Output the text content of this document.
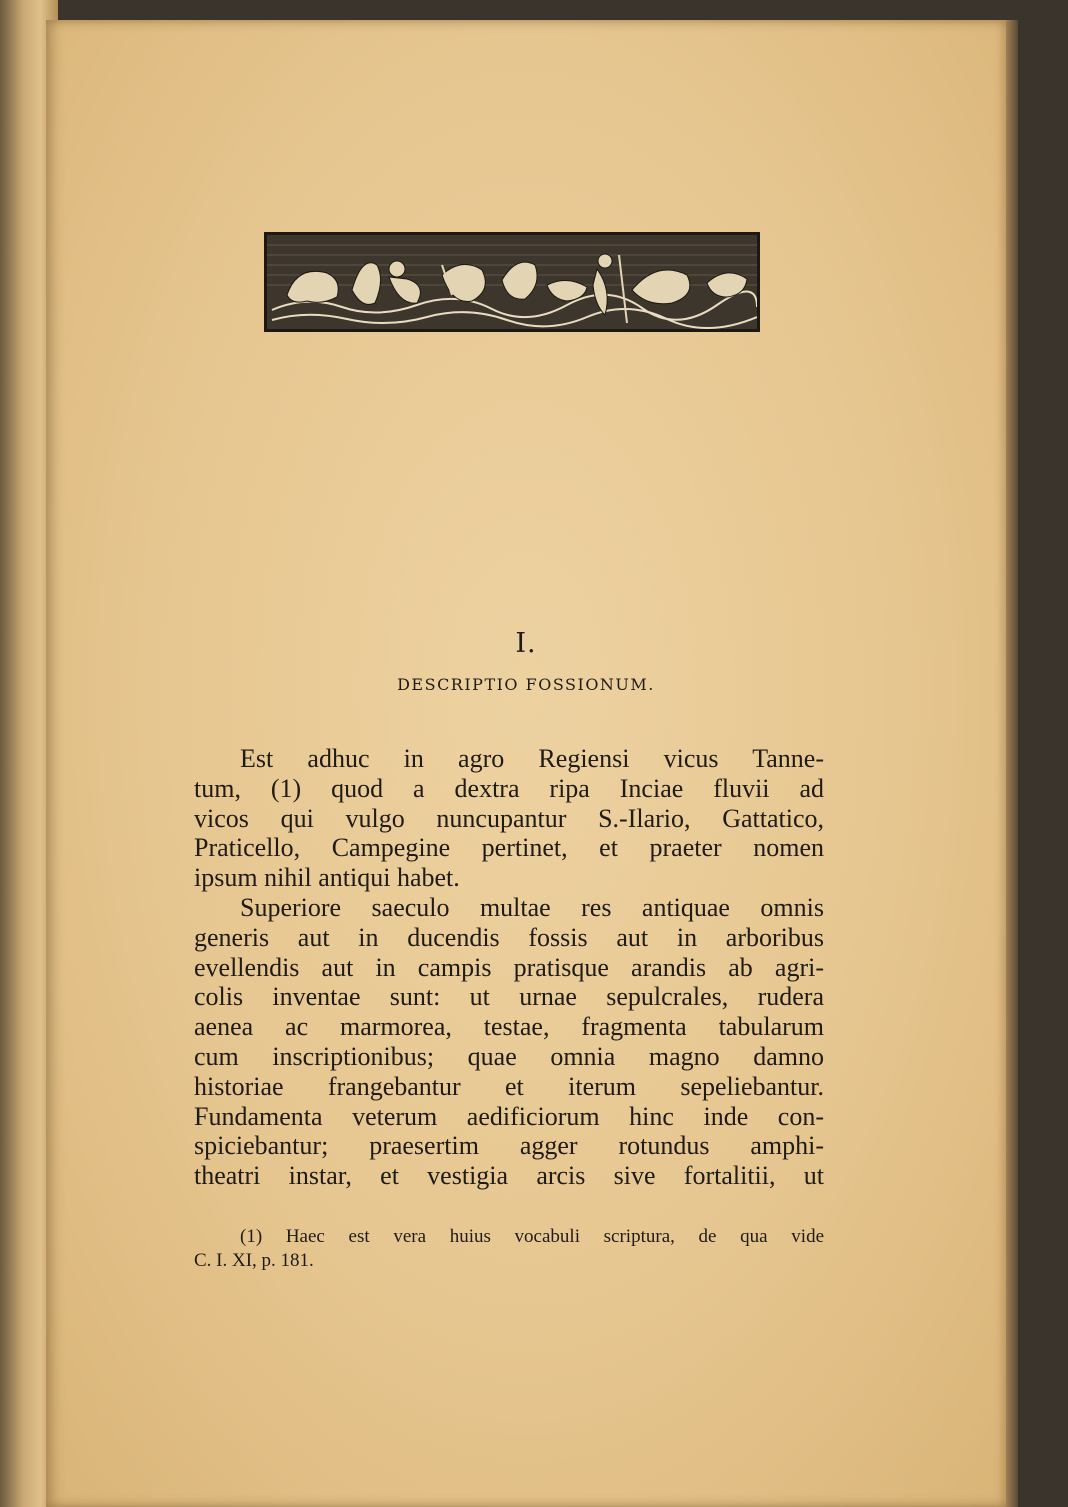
I.
DESCRIPTIO FOSSIONUM.
Est adhuc in agro Regiensi vicus Tanne-
tum, (1) quod a dextra ripa Inciae fluvii ad
vicos qui vulgo nuncupantur S.-Ilario, Gattatico,
Praticello, Campegine pertinet, et praeter nomen
ipsum nihil antiqui habet.
Superiore saeculo multae res antiquae omnis
generis aut in ducendis fossis aut in arboribus
evellendis aut in campis pratisque arandis ab agri-
colis inventae sunt: ut urnae sepulcrales, rudera
aenea ac marmorea, testae, fragmenta tabularum
cum inscriptionibus; quae omnia magno damno
historiae frangebantur et iterum sepeliebantur.
Fundamenta veterum aedificiorum hinc inde con-
spiciebantur; praesertim agger rotundus amphi-
theatri instar, et vestigia arcis sive fortalitii, ut
(1) Haec est vera huius vocabuli scriptura, de qua vide
C. I. XI, p. 181.
